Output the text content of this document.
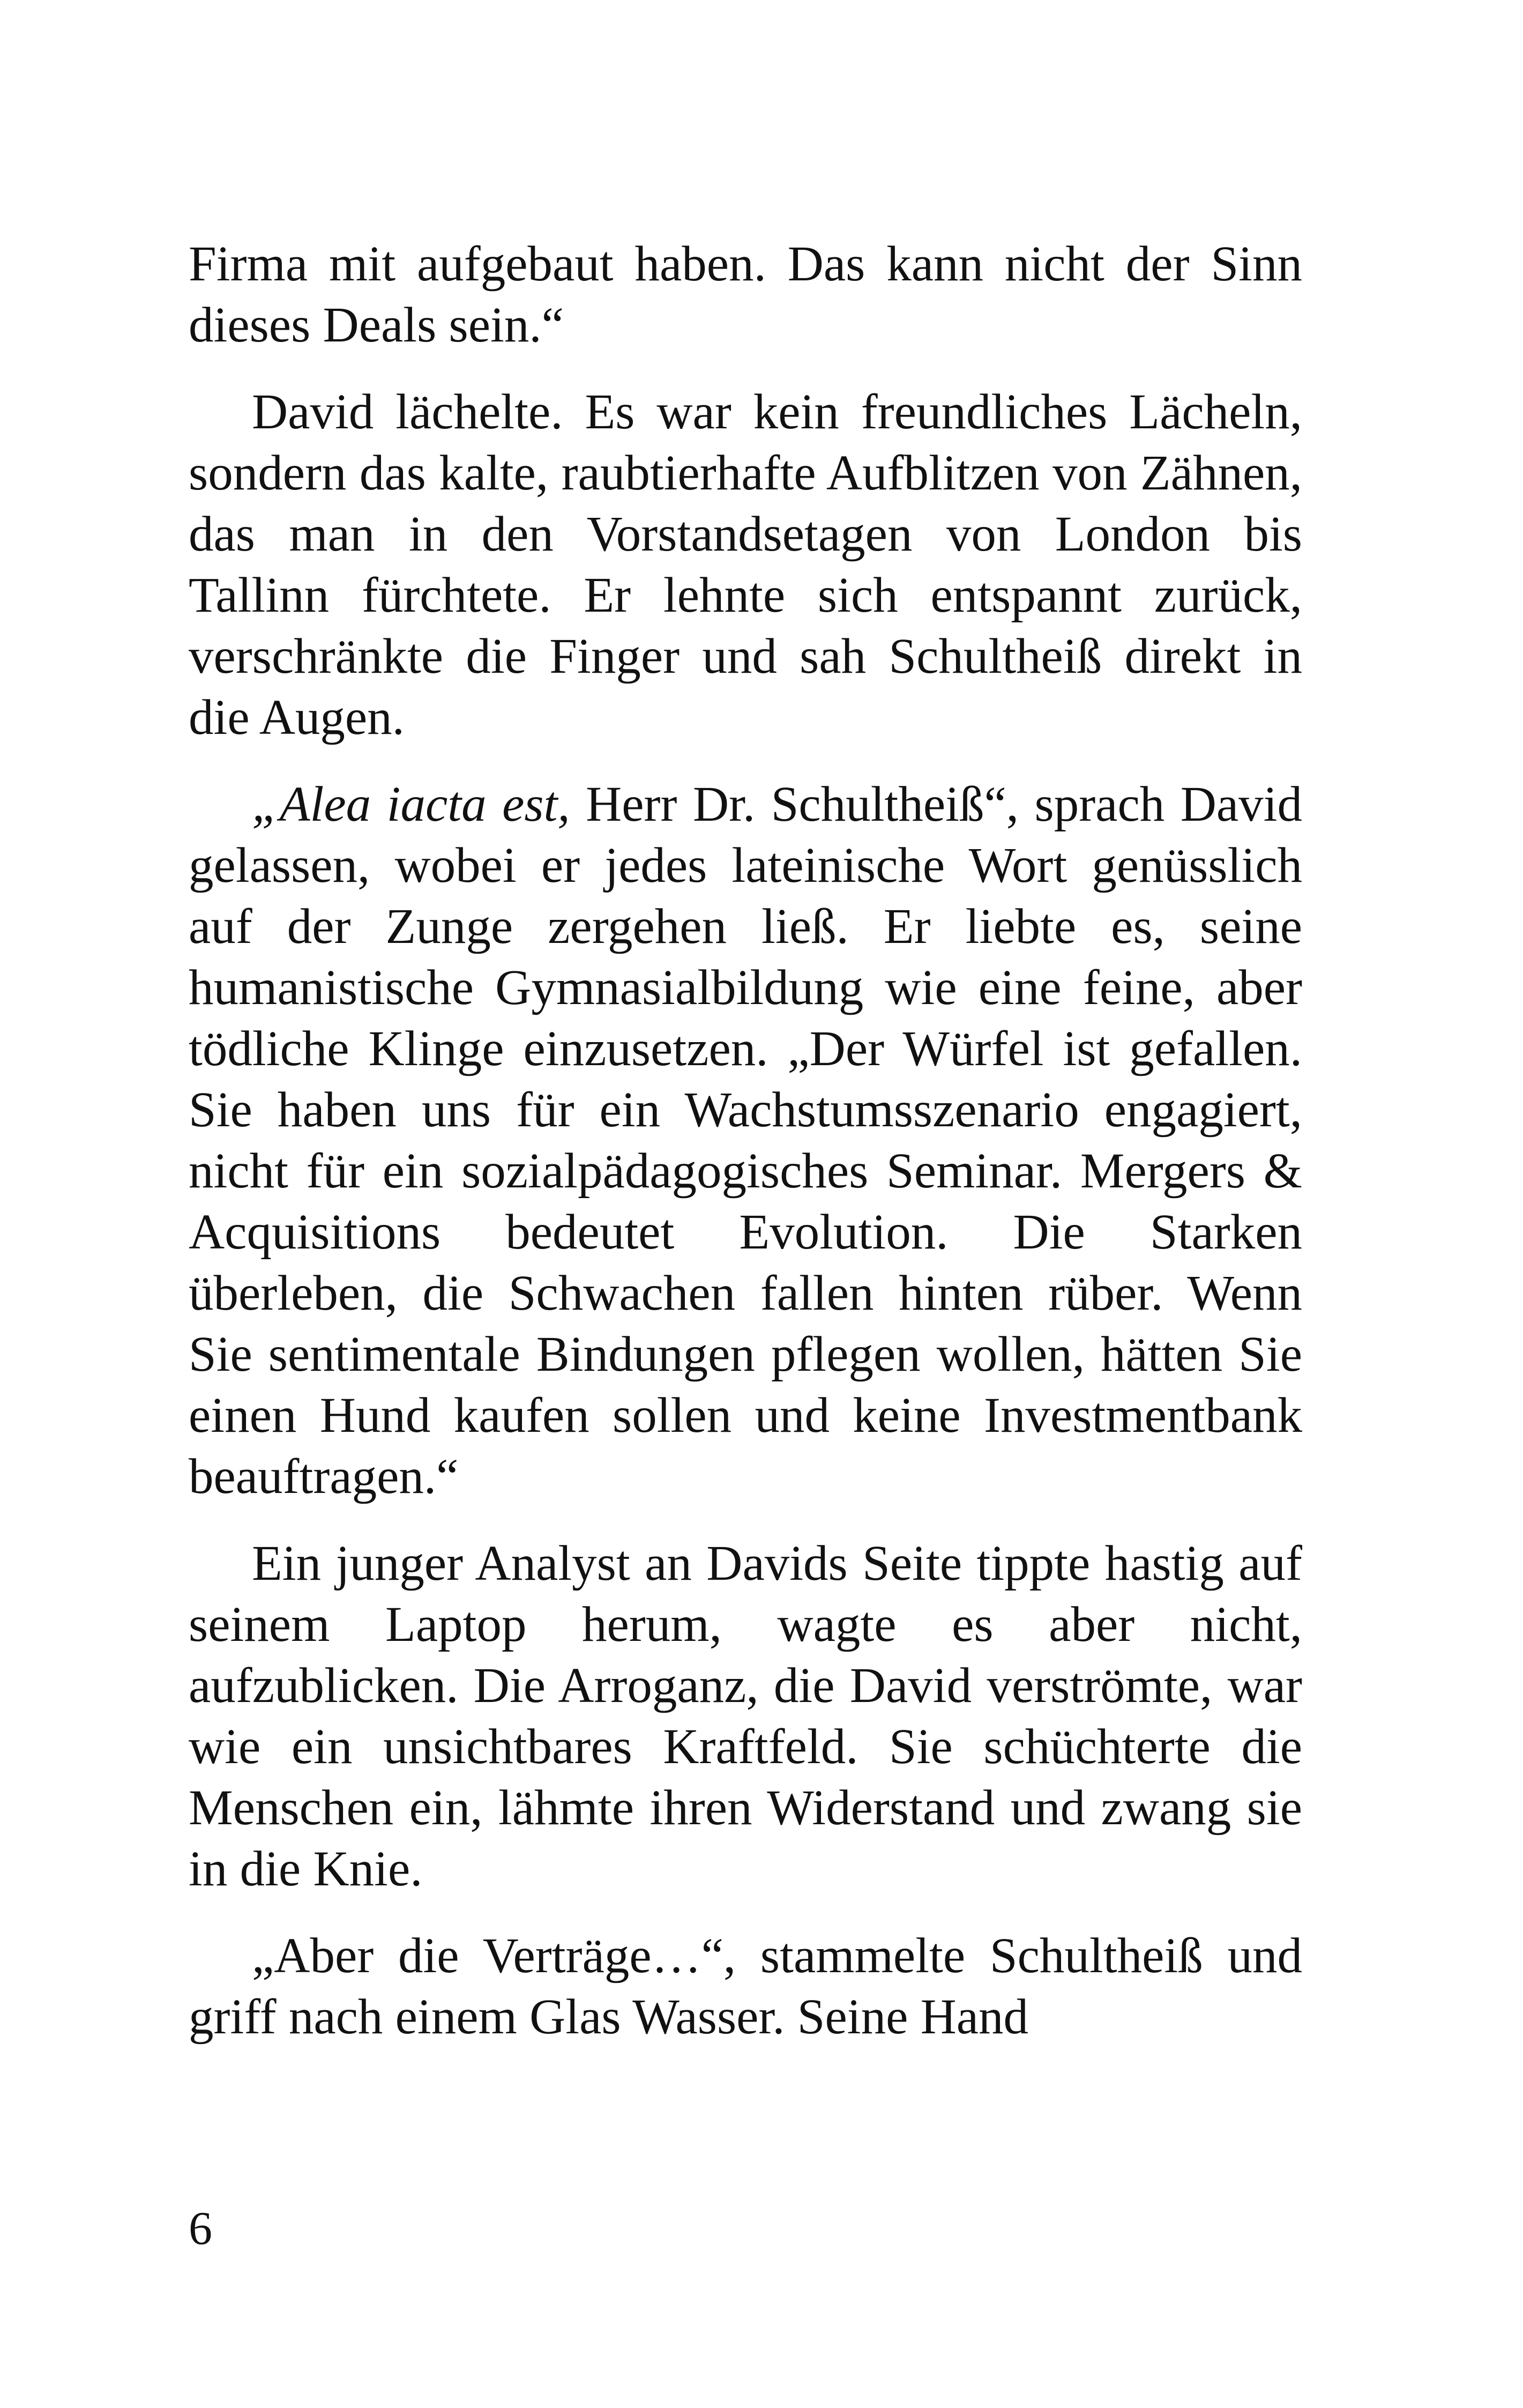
Firma mit aufgebaut haben. Das kann nicht der Sinn dieses Deals sein.“

David lächelte. Es war kein freundliches Lächeln, sondern das kalte, raubtierhafte Aufblitzen von Zähnen, das man in den Vorstandsetagen von London bis Tallinn fürchtete. Er lehnte sich entspannt zurück, verschränkte die Finger und sah Schultheiß direkt in die Augen.

„Alea iacta est, Herr Dr. Schultheiß“, sprach David gelassen, wobei er jedes lateinische Wort genüsslich auf der Zunge zergehen ließ. Er liebte es, seine humanistische Gymnasialbildung wie eine feine, aber tödliche Klinge einzusetzen. „Der Würfel ist gefallen. Sie haben uns für ein Wachstumsszenario engagiert, nicht für ein sozialpädagogisches Seminar. Mergers & Acquisitions bedeutet Evolution. Die Starken überleben, die Schwachen fallen hinten rüber. Wenn Sie sentimentale Bindungen pflegen wollen, hätten Sie einen Hund kaufen sollen und keine Investmentbank beauftragen.“

Ein junger Analyst an Davids Seite tippte hastig auf seinem Laptop herum, wagte es aber nicht, aufzublicken. Die Arroganz, die David verströmte, war wie ein unsichtbares Kraftfeld. Sie schüchterte die Menschen ein, lähmte ihren Widerstand und zwang sie in die Knie.

„Aber die Verträge…“, stammelte Schultheiß und griff nach einem Glas Wasser. Seine Hand

6
